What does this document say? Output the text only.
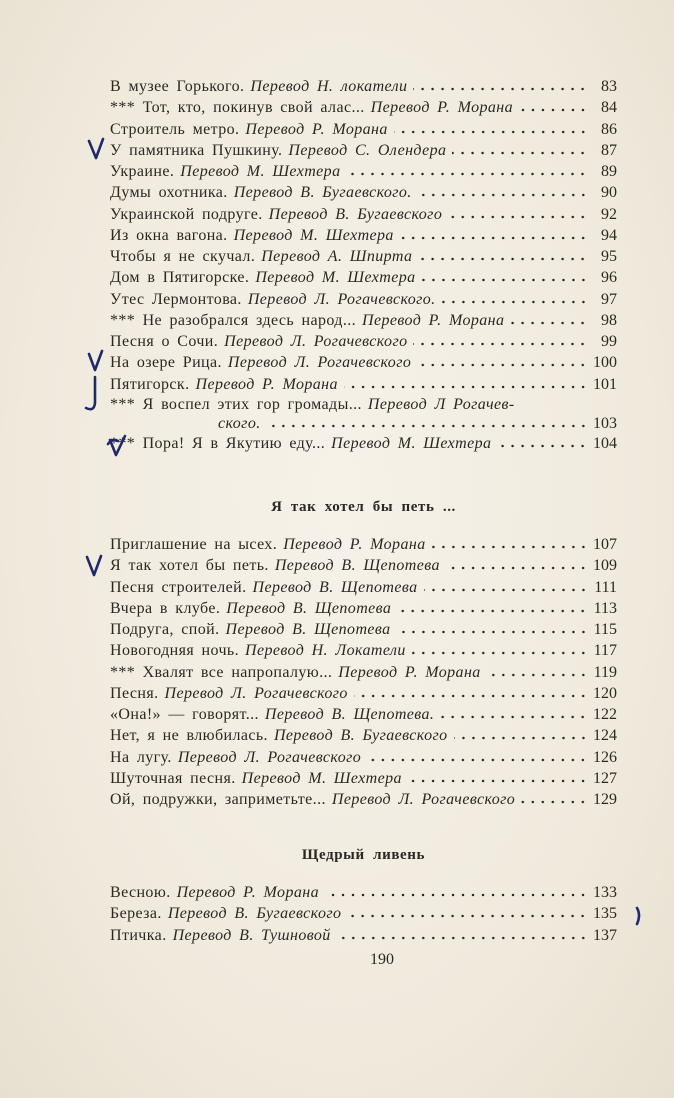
В музее Горького. Перевод Н. локатели	83
*** Тот, кто, покинув свой алас... Перевод Р. Морана	84
Строитель метро. Перевод Р. Морана	86
У памятника Пушкину. Перевод С. Олендера	87
Украине. Перевод М. Шехтера	89
Думы охотника. Перевод В. Бугаевского.	90
Украинской подруге. Перевод В. Бугаевского	92
Из окна вагона. Перевод М. Шехтера	94
Чтобы я не скучал. Перевод А. Шпирта	95
Дом в Пятигорске. Перевод М. Шехтера	96
Утес Лермонтова. Перевод Л. Рогачевского.	97
*** Не разобрался здесь народ... Перевод Р. Морана	98
Песня о Сочи. Перевод Л. Рогачевского	99
На озере Рица. Перевод Л. Рогачевского	100
Пятигорск. Перевод Р. Морана	101
*** Я воспел этих гор громады... Перевод Л Рогачев-
ского.	103
*** Пора! Я в Якутию еду... Перевод М. Шехтера	104
Я так хотел бы петь ...
Приглашение на ысех. Перевод Р. Морана	107
Я так хотел бы петь. Перевод В. Щепотева	109
Песня строителей. Перевод В. Щепотева	111
Вчера в клубе. Перевод В. Щепотева	113
Подруга, спой. Перевод В. Щепотева	115
Новогодняя ночь. Перевод Н. Локатели	117
*** Хвалят все напропалую... Перевод Р. Морана	119
Песня. Перевод Л. Рогачевского	120
«Она!» — говорят... Перевод В. Щепотева.	122
Нет, я не влюбилась. Перевод В. Бугаевского	124
На лугу. Перевод Л. Рогачевского	126
Шуточная песня. Перевод М. Шехтера	127
Ой, подружки, заприметьте... Перевод Л. Рогачевского	129
Щедрый ливень
Весною. Перевод Р. Морана	133
Береза. Перевод В. Бугаевского	135
Птичка. Перевод В. Тушновой	137
190
